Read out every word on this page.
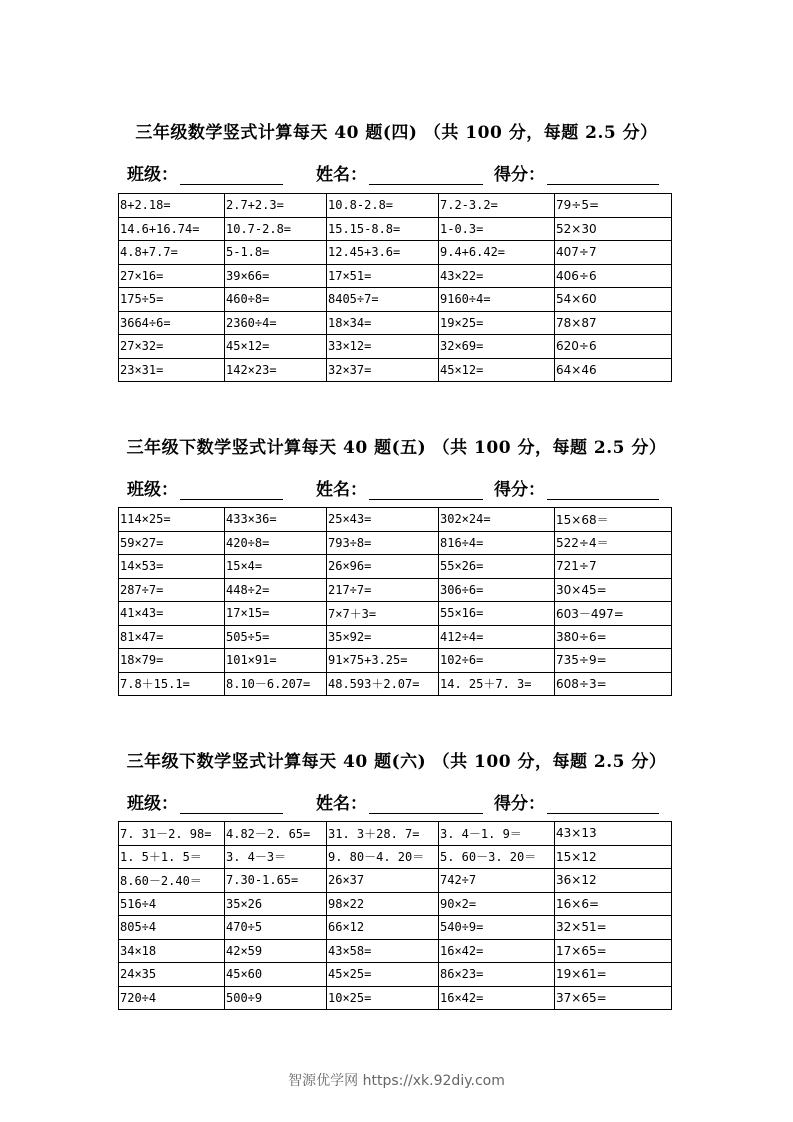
三年级数学竖式计算每天 40 题(四) （共 100 分，每题 2.5 分）
班级：	姓名：	得分：
8+2.18=	2.7+2.3=	10.8-2.8=	7.2-3.2=	79÷5=
14.6+16.74=	10.7-2.8=	15.15-8.8=	1-0.3=	52×30
4.8+7.7=	5-1.8=	12.45+3.6=	9.4+6.42=	407÷7
27×16=	39×66=	17×51=	43×22=	406÷6
175÷5=	460÷8=	8405÷7=	9160÷4=	54×60
3664÷6=	2360÷4=	18×34=	19×25=	78×87
27×32=	45×12=	33×12=	32×69=	620÷6
23×31=	142×23=	32×37=	45×12=	64×46
三年级下数学竖式计算每天 40 题(五) （共 100 分，每题 2.5 分）
班级：	姓名：	得分：
114×25=	433×36=	25×43=	302×24=	15×68＝
59×27=	420÷8=	793÷8=	816÷4=	522÷4＝
14×53=	15×4=	26×96=	55×26=	721÷7
287÷7=	448÷2=	217÷7=	306÷6=	30×45=
41×43=	17×15=	7×7＋3=	55×16=	603－497=
81×47=	505÷5=	35×92=	412÷4=	380÷6=
18×79=	101×91=	91×75+3.25=	102÷6=	735÷9=
7.8＋15.1=	8.10－6.207=	48.593＋2.07=	14. 25＋7. 3=	608÷3=
三年级下数学竖式计算每天 40 题(六) （共 100 分，每题 2.5 分）
班级：	姓名：	得分：
7. 31－2. 98=	4.82－2. 65=	31. 3＋28. 7=	3. 4－1. 9＝	43×13
1. 5＋1. 5＝	3. 4－3＝	9. 80－4. 20＝	5. 60－3. 20＝	15×12
8.60－2.40＝	7.30-1.65=	26×37	742÷7	36×12
516÷4	35×26	98×22	90×2=	16×6=
805÷4	470÷5	66×12	540÷9=	32×51=
34×18	42×59	43×58=	16×42=	17×65=
24×35	45×60	45×25=	86×23=	19×61=
720÷4	500÷9	10×25=	16×42=	37×65=
智源优学网 https://xk.92diy.com
